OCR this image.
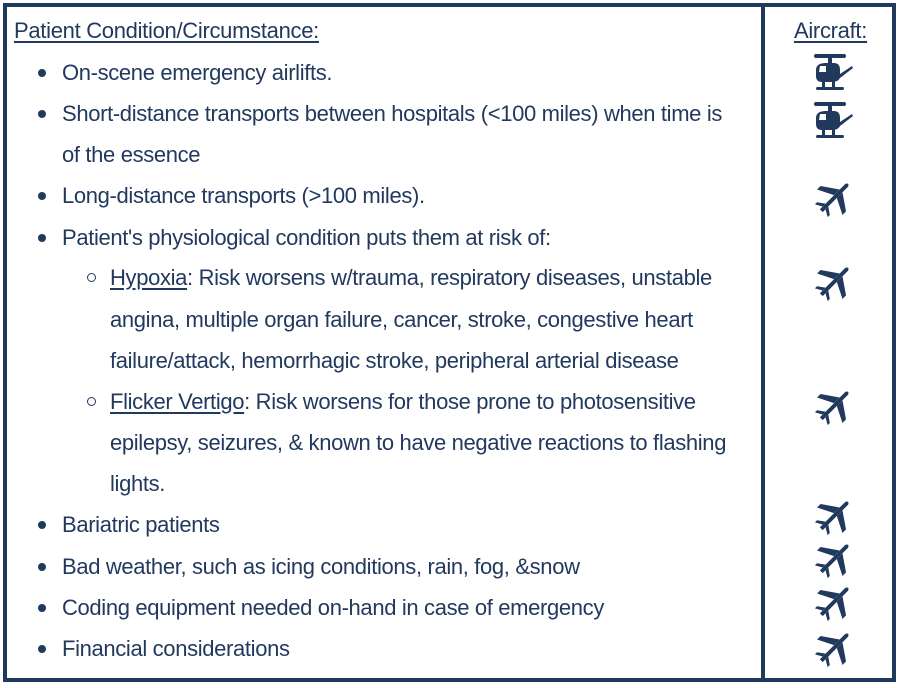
Patient Condition/Circumstance:	Aircraft:
On-scene emergency airlifts.
Short-distance transports between hospitals (<100 miles) when time is
of the essence
Long-distance transports (>100 miles).
Patient's physiological condition puts them at risk of:
Hypoxia: Risk worsens w/trauma, respiratory diseases, unstable
angina, multiple organ failure, cancer, stroke, congestive heart
failure/attack, hemorrhagic stroke, peripheral arterial disease
Flicker Vertigo: Risk worsens for those prone to photosensitive
epilepsy, seizures, & known to have negative reactions to flashing
lights.
Bariatric patients
Bad weather, such as icing conditions, rain, fog, &snow
Coding equipment needed on-hand in case of emergency
Financial considerations
